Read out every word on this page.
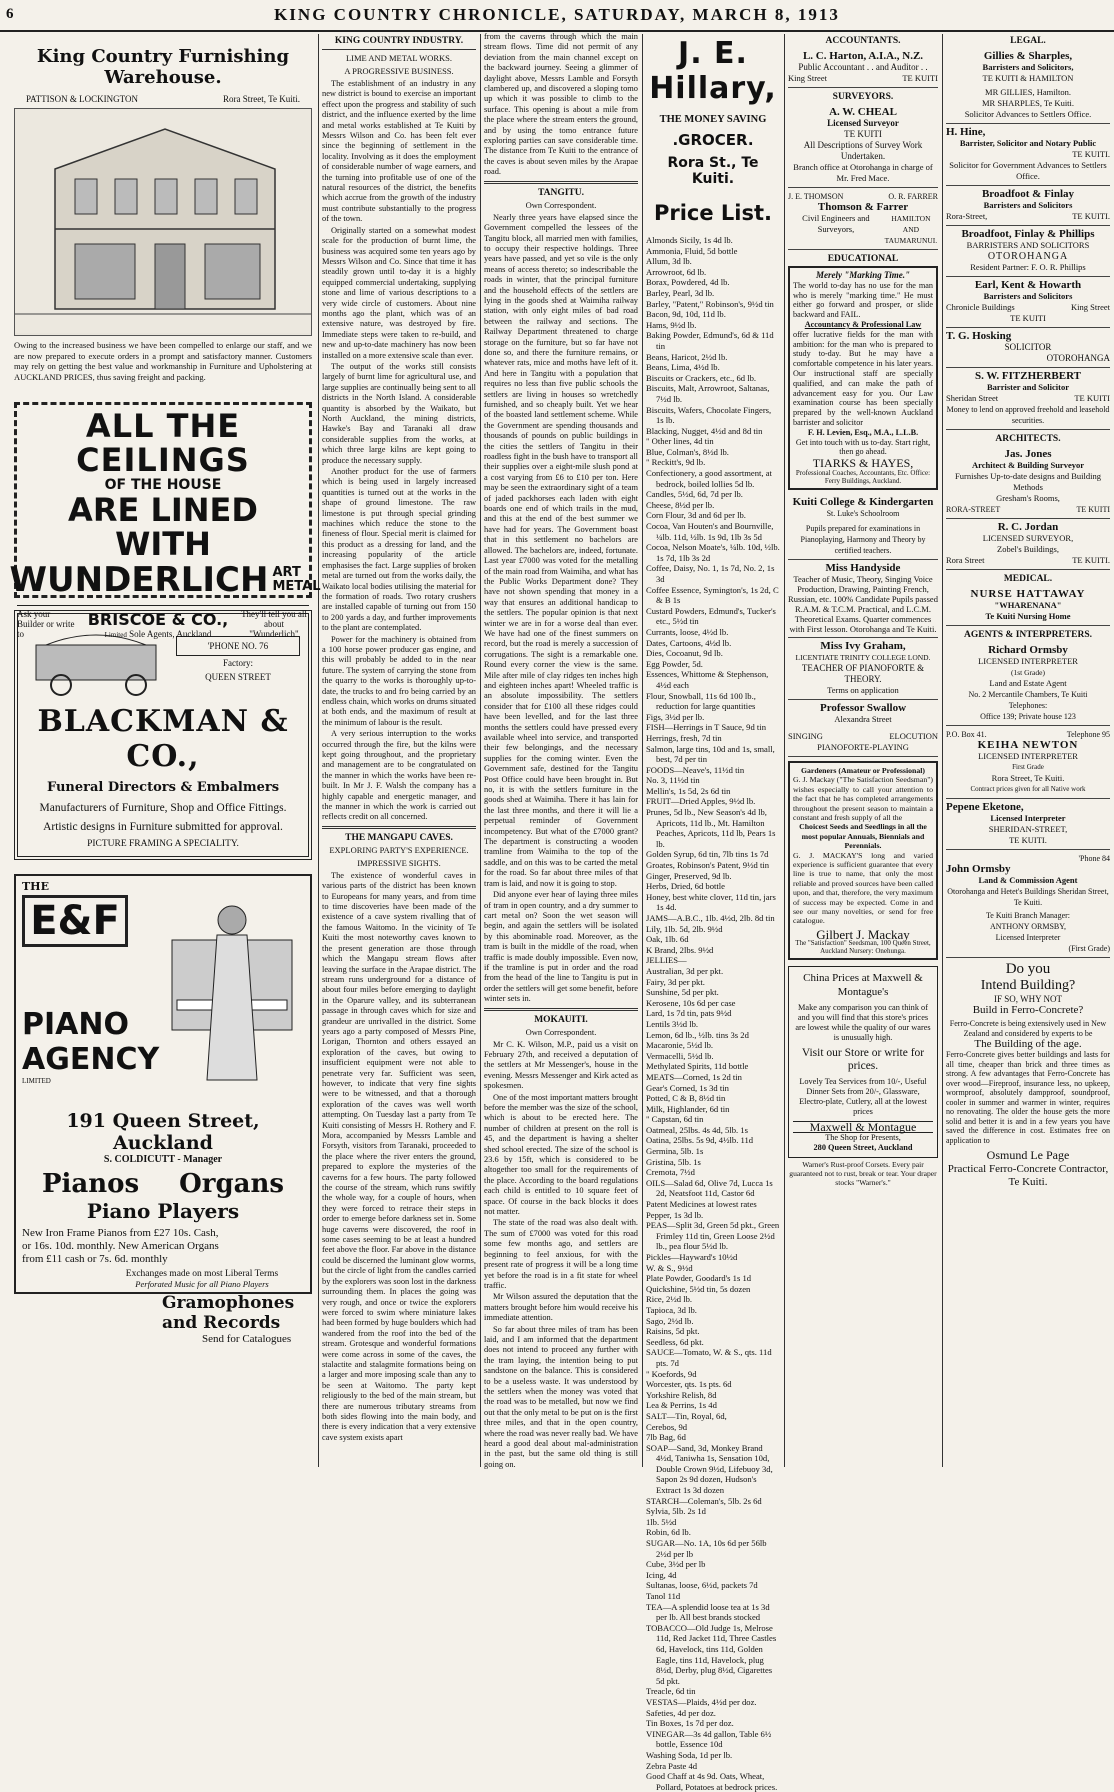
6	KING COUNTRY CHRONICLE, SATURDAY, MARCH 8, 1913
King Country Furnishing Warehouse.
PATTISON & LOCKINGTON	Rora Street, Te Kuiti.
Owing to the increased business we have been compelled to enlarge our staff, and we are now prepared to execute orders in a prompt and satisfactory manner. Customers may rely on getting the best value and workmanship in Furniture and Upholstering at AUCKLAND PRICES, thus saving freight and packing.
ALL THE CEILINGS
OF THE HOUSE
ARE LINED WITH
WUNDERLICH ART METAL
Ask your Builder or write to
BRISCOE & CO.,
Limited Sole Agents, Auckland
They'll tell you all about "Wunderlich"
'PHONE NO. 76
Factory:
QUEEN STREET
BLACKMAN & CO.,
Funeral Directors & Embalmers
Manufacturers of Furniture, Shop and Office Fittings.
Artistic designs in Furniture submitted for approval.
PICTURE FRAMING A SPECIALITY.
THE
E&F
PIANO
AGENCY
LIMITED
191 Queen Street, Auckland
S. COLDICUTT - Manager
Pianos Organs
Piano Players
New Iron Frame Pianos from £27 10s. Cash, or 16s. 10d. monthly. New American Organs from £11 cash or 7s. 6d. monthly
Exchanges made on most Liberal Terms
Perforated Music for all Piano Players
Gramophones and Records
Send for Catalogues
KING COUNTRY INDUSTRY.
LIME AND METAL WORKS.
A PROGRESSIVE BUSINESS.

The establishment of an industry in any new district is bound to exercise an important effect upon the progress and stability of such district, and the influence exerted by the lime and metal works established at Te Kuiti by Messrs Wilson and Co. has been felt ever since the beginning of settlement in the locality. Involving as it does the employment of considerable number of wage earners, and the turning into profitable use of one of the natural resources of the district, the benefits which accrue from the growth of the industry must contribute substantially to the progress of the town.

Originally started on a somewhat modest scale for the production of burnt lime, the business was acquired some ten years ago by Messrs Wilson and Co. Since that time it has steadily grown until to-day it is a highly equipped commercial undertaking, supplying stone and lime of various descriptions to a very wide circle of customers. About nine months ago the plant, which was of an extensive nature, was destroyed by fire. Immediate steps were taken to re-build, and new and up-to-date machinery has now been installed on a more extensive scale than ever.

The output of the works still consists largely of burnt lime for agricultural use, and large supplies are continually being sent to all districts in the North Island. A considerable quantity is absorbed by the Waikato, but North Auckland, the mining districts, Hawke's Bay and Taranaki all draw considerable supplies from the works, at which three large kilns are kept going to produce the necessary supply.

Another product for the use of farmers which is being used in largely increased quantities is turned out at the works in the shape of ground limestone. The raw limestone is put through special grinding machines which reduce the stone to the fineness of flour. Special merit is claimed for this product as a dressing for land, and the increasing popularity of the article emphasises the fact. Large supplies of broken metal are turned out from the works daily, the Waikato local bodies utilising the material for the formation of roads. Two rotary crushers are installed capable of turning out from 150 to 200 yards a day, and further improvements to the plant are contemplated.

Power for the machinery is obtained from a 100 horse power producer gas engine, and this will probably be added to in the near future. The system of carrying the stone from the quarry to the works is thoroughly up-to-date, the trucks to and fro being carried by an endless chain, which works on drums situated at both ends, and the maximum of result at the minimum of labour is the result.

A very serious interruption to the works occurred through the fire, but the kilns were kept going throughout, and the proprietary and management are to be congratulated on the manner in which the works have been re-built. In Mr J. F. Walsh the company has a highly capable and energetic manager, and the manner in which the work is carried out reflects credit on all concerned.

THE MANGAPU CAVES.
EXPLORING PARTY'S EXPERIENCE.
IMPRESSIVE SIGHTS.

The existence of wonderful caves in various parts of the district has been known to Europeans for many years, and from time to time discoveries have been made of the existence of a cave system rivalling that of the famous Waitomo. In the vicinity of Te Kuiti the most noteworthy caves known to the present generation are those through which the Mangapu stream flows after leaving the surface in the Arapae district. The stream runs underground for a distance of about four miles before emerging to daylight in the Oparure valley, and its subterranean passage in through caves which for size and grandeur are unrivalled in the district. Some years ago a party composed of Messrs Pine, Lorigan, Thornton and others essayed an exploration of the caves, but owing to insufficient equipment were not able to penetrate very far. Sufficient was seen, however, to indicate that very fine sights were to be witnessed, and that a thorough exploration of the caves was well worth attempting. On Tuesday last a party from Te Kuiti consisting of Messrs H. Rothery and F. Mora, accompanied by Messrs Lamble and Forsyth, visitors from Taranaki, proceeded to the place where the river enters the ground, prepared to explore the mysteries of the caverns for a few hours. The party followed the course of the stream, which runs swiftly the whole way, for a couple of hours, when they were forced to retrace their steps in order to emerge before darkness set in. Some huge caverns were discovered, the roof in some cases seeming to be at least a hundred feet above the floor. Far above in the distance could be discerned the luminant glow worms, but the circle of light from the candles carried by the explorers was soon lost in the darkness surrounding them. In places the going was very rough, and once or twice the explorers were forced to swim where miniature lakes had been formed by huge boulders which had wandered from the roof into the bed of the stream. Grotesque and wonderful formations were come across in some of the caves, the stalactite and stalagmite formations being on a larger and more imposing scale than any to be seen at Waitomo. The party kept religiously to the bed of the main stream, but there are numerous tributary streams from both sides flowing into the main body, and there is every indication that a very extensive cave system exists apart

from the caverns through which the main stream flows. Time did not permit of any deviation from the main channel except on the backward journey. Seeing a glimmer of daylight above, Messrs Lamble and Forsyth clambered up, and discovered a sloping tomo up which it was possible to climb to the surface. This opening is about a mile from the place where the stream enters the ground, and by using the tomo entrance future exploring parties can save considerable time. The distance from Te Kuiti to the entrance of the caves is about seven miles by the Arapae road.

TANGITU.
Own Correspondent.

Nearly three years have elapsed since the Government compelled the lessees of the Tangitu block, all married men with families, to occupy their respective holdings. Three years have passed, and yet so vile is the only means of access thereto; so indescribable the roads in winter, that the principal furniture and the household effects of the settlers are lying in the goods shed at Waimiha railway station, with only eight miles of bad road between the railway and sections. The Railway Department threatened to charge storage on the furniture, but so far have not done so, and there the furniture remains, or whatever rats, mice and moths have left of it. And here in Tangitu with a population that requires no less than five public schools the settlers are living in houses so wretchedly furnished, and so cheaply built. Yet we hear of the boasted land settlement scheme. While the Government are spending thousands and thousands of pounds on public buildings in the cities the settlers of Tangitu in their roadless fight in the bush have to transport all their supplies over a eight-mile slush pond at a cost varying from £6 to £10 per ton. Here may be seen the extraordinary sight of a team of jaded packhorses each laden with eight boards one end of which trails in the mud, and this at the end of the best summer we have had for years. The Government boast that in this settlement no bachelors are allowed. The bachelors are, indeed, fortunate. Last year £7000 was voted for the metalling of the main road from Waimiha, and what has the Public Works Department done? They have not shown spending that money in a way that ensures an additional handicap to the settlers. The popular opinion is that next winter we are in for a worse deal than ever. We have had one of the finest summers on record, but the road is merely a succession of corrugations. The sight is a remarkable one. Round every corner the view is the same. Mile after mile of clay ridges ten inches high and eighteen inches apart! Wheeled traffic is an absolute impossibility. The settlers consider that for £100 all these ridges could have been levelled, and for the last three months the settlers could have pressed every available wheel into service, and transported their few belongings, and the necessary supplies for the coming winter. Even the Government safe, destined for the Tangitu Post Office could have been brought in. But no, it is with the settlers furniture in the goods shed at Waimiha. There it has lain for the last three months, and there it will lie a perpetual reminder of Government incompetency. But what of the £7000 grant? The department is constructing a wooden tramline from Waimiha to the top of the saddle, and on this was to be carted the metal for the road. So far about three miles of that tram is laid, and now it is going to stop.

Did anyone ever hear of laying three miles of tram in open country, and a dry summer to cart metal on? Soon the wet season will begin, and again the settlers will be isolated by this abominable road. Moreover, as the tram is built in the middle of the road, when traffic is made doubly impossible. Even now, if the tramline is put in order and the road from the head of the line to Tangitu is put in order the settlers will get some benefit, before winter sets in.

MOKAUITI.
Own Correspondent.

Mr C. K. Wilson, M.P., paid us a visit on February 27th, and received a deputation of the settlers at Mr Messenger's, house in the evening. Messrs Messenger and Kirk acted as spokesmen.

One of the most important matters brought before the member was the size of the school, which is about to be erected here. The number of children at present on the roll is 45, and the department is having a shelter shed school erected. The size of the school is 23.6 by 15ft, which is considered to be altogether too small for the requirements of the place. According to the board regulations each child is entitled to 10 square feet of space. Of course in the back blocks it does not matter.

The state of the road was also dealt with. The sum of £7000 was voted for this road some few months ago, and settlers are beginning to feel anxious, for with the present rate of progress it will be a long time yet before the road is in a fit state for wheel traffic.

Mr Wilson assured the deputation that the matters brought before him would receive his immediate attention.

So far about three miles of tram has been laid, and I am informed that the department does not intend to proceed any further with the tram laying, the intention being to put sandstone on the balance. This is considered to be a useless waste. It was understood by the settlers when the money was voted that the road was to be metalled, but now we find out that the only metal to be put on is the first three miles, and that in the open country, where the road was never really bad. We have heard a good deal about mal-administration in the past, but the same old thing is still going on.

J. E. Hillary,
THE MONEY SAVING
.GROCER.
Rora St., Te Kuiti.
Price List.
Almonds Sicily, 1s 4d lb.
Ammonia, Fluid, 5d bottle
Allum, 3d lb.
Arrowroot, 6d lb.
Borax, Powdered, 4d lb.
Barley, Pearl, 3d lb.
Barley, "Patent," Robinson's, 9½d tin
Bacon, 9d, 10d, 11d lb.
Hams, 9½d lb.
Baking Powder, Edmund's, 6d & 11d tin
Beans, Haricot, 2½d lb.
Beans, Lima, 4½d lb.
Biscuits or Crackers, etc., 6d lb.
Biscuits, Malt, Arrowroot, Saltanas, 7½d lb.
Biscuits, Wafers, Chocolate Fingers, 1s lb.
Blacking, Nugget, 4½d and 8d tin
" Other lines, 4d tin
Blue, Colman's, 8½d lb.
" Reckitt's, 9d lb.
Confectionery, a good assortment, at bedrock, boiled lollies 5d lb.
Candles, 5½d, 6d, 7d per lb.
Cheese, 8½d per lb.
Corn Flour, 3d and 6d per lb.
Cocoa, Van Houten's and Bournville, ¼lb. 11d, ½lb. 1s 9d, 1lb 3s 5d
Cocoa, Nelson Moate's, ¼lb. 10d, ½lb. 1s 7d, 1lb 3s 2d
Coffee, Daisy, No. 1, 1s 7d, No. 2, 1s 3d
Coffee Essence, Symington's, 1s 2d, C & B 1s
Custard Powders, Edmund's, Tucker's etc., 5½d tin
Currants, loose, 4½d lb.
Dates, Cartoons, 4½d lb.
Dies, Cocoanut, 9d lb.
Egg Powder, 5d.
Essences, Whittome & Stephenson, 4½d each
Flour, Snowball, 11s 6d 100 lb., reduction for large quantities
Figs, 3½d per lb.
FISH—Herrings in T Sauce, 9d tin
Herrings, fresh, 7d tin
Salmon, large tins, 10d and 1s, small, best, 7d per tin
FOODS—Neave's, 11½d tin
No. 3, 11½d tin
Mellin's, 1s 5d, 2s 6d tin
FRUIT—Dried Apples, 9½d lb.
Prunes, 5d lb., New Season's 4d lb, Apricots, 11d lb., Mt. Hamilton Peaches, Apricots, 11d lb, Pears 1s lb.
Golden Syrup, 6d tin, 7lb tins 1s 7d
Groates, Robinson's Patent, 9½d tin
Ginger, Preserved, 9d lb.
Herbs, Dried, 6d bottle
Honey, best white clover, 11d tin, jars 1s 4d.
JAMS—A.B.C., 1lb. 4½d, 2lb. 8d tin
Lily, 1lb. 5d, 2lb. 9½d
Oak, 1lb. 6d
K Brand, 2lbs. 9½d
JELLIES—
Australian, 3d per pkt.
Fairy, 3d per pkt.
Sunshine, 5d per pkt.
Kerosene, 10s 6d per case
Lard, 1s 7d tin, pats 9½d
Lentils 3½d lb.
Lemon, 6d lb., ½lb. tins 3s 2d
Macaronie, 5½d lb.
Vermacelli, 5½d lb.
Methylated Spirits, 11d bottle
MEATS—Corned, 1s 2d tin
Gear's Corned, 1s 3d tin
Potted, C & B, 8½d tin
Milk, Highlander, 6d tin
" Capstan, 6d tin
Oatmeal, 25lbs. 4s 4d, 5lb. 1s
Oatina, 25lbs. 5s 9d, 4½lb. 11d
Germina, 5lb. 1s
Gristina, 5lb. 1s
Cremota, 7½d
OILS—Salad 6d, Olive 7d, Lucca 1s 2d, Neatsfoot 11d, Castor 6d
Patent Medicines at lowest rates
Pepper, 1s 3d lb.
PEAS—Split 3d, Green 5d pkt., Green Frimley 11d tin, Green Loose 2½d lb., pea flour 5½d lb.
Pickles—Hayward's 10½d
W. & S., 9½d
Plate Powder, Goodard's 1s 1d
Quickshine, 5½d tin, 5s dozen
Rice, 2½d lb.
Tapioca, 3d lb.
Sago, 2½d lb.
Raisins, 5d pkt.
Seedless, 6d pkt.
SAUCE—Tomato, W. & S., qts. 11d pts. 7d
" Koefords, 9d
Worcester, qts. 1s pts. 6d
Yorkshire Relish, 8d
Lea & Perrins, 1s 4d
SALT—Tin, Royal, 6d,
Cerebos, 9d
7lb Bag, 6d
SOAP—Sand, 3d, Monkey Brand 4½d, Taniwha 1s, Sensation 10d, Double Crown 9½d, Lifebuoy 3d, Sapon 2s 9d dozen, Hudson's Extract 1s 3d dozen
STARCH—Coleman's, 5lb. 2s 6d
Sylvia, 5lb. 2s 1d
1lb. 5½d
Robin, 6d lb.
SUGAR—No. 1A, 10s 6d per 56lb 2½d per lb
Cube, 3½d per lb
Icing, 4d
Sultanas, loose, 6½d, packets 7d
Tanol 11d
TEA—A splendid loose tea at 1s 3d per lb. All best brands stocked
TOBACCO—Old Judge 1s, Melrose 11d, Red Jacket 11d, Three Castles 6d, Havelock, tins 11d, Golden Eagle, tins 11d, Havelock, plug 8½d, Derby, plug 8½d, Cigarettes 5d pkt.
Treacle, 6d tin
VESTAS—Plaids, 4½d per doz.
Safeties, 4d per doz.
Tin Boxes, 1s 7d per doz.
VINEGAR—3s 4d gallon, Table 6½ bottle, Essence 10d
Washing Soda, 1d per lb.
Zebra Paste 4d
Good Chaff at 4s 9d. Oats, Wheat, Pollard, Potatoes at bedrock prices.
ACCOUNTANTS.
L. C. Harton, A.I.A., N.Z.
Public Accountant . . and Auditor . .
King Street	TE KUITI
SURVEYORS.
A. W. CHEAL
Licensed Surveyor
TE KUITI
All Descriptions of Survey Work Undertaken.
Branch office at Otorohanga in charge of Mr. Fred Mace.
J. E. THOMSON	O. R. FARRER
Thomson & Farrer
Civil Engineers and Surveyors,
HAMILTON AND TAUMARUNUI.
EDUCATIONAL
Merely "Marking Time."
The world to-day has no use for the man who is merely "marking time." He must either go forward and prosper, or slide backward and FAIL.
Accountancy & Professional Law
offer lucrative fields for the man with ambition: for the man who is prepared to study to-day. But he may have a comfortable competence in his later years. Our instructional staff are specially qualified, and can make the path of advancement easy for you. Our Law examination course has been specially prepared by the well-known Auckland barrister and solicitor
F. H. Levien, Esq., M.A., L.L.B.
Get into touch with us to-day. Start right, then go ahead.
TIARKS & HAYES,
Professional Coaches, Accountants, Etc. Office: Ferry Buildings, Auckland.
Kuiti College & Kindergarten
St. Luke's Schoolroom
Pupils prepared for examinations in Pianoplaying, Harmony and Theory by certified teachers.
Miss Handyside
Teacher of Music, Theory, Singing Voice Production, Drawing, Painting French, Russian, etc. 100% Candidate Pupils passed R.A.M. & T.C.M. Practical, and L.C.M. Theoretical Exams. Quarter commences with First lesson. Otorohanga and Te Kuiti.
Miss Ivy Graham,
LICENTIATE TRINITY COLLEGE LOND.
TEACHER OF PIANOFORTE & THEORY.
Terms on application
Professor Swallow
Alexandra Street
SINGING	ELOCUTION
PIANOFORTE-PLAYING
Gardeners (Amateur or Professional)
G. J. Mackay ("The Satisfaction Seedsman") wishes especially to call your attention to the fact that he has completed arrangements throughout the present season to maintain a constant and fresh supply of all the
Choicest Seeds and Seedlings in all the most popular Annuals, Biennials and Perennials.
G. J. MACKAY'S long and varied experience is sufficient guarantee that every line is true to name, that only the most reliable and proved sources have been called upon, and that, therefore, the very maximum of success may be expected. Come in and see our many novelties, or send for free catalogue.
Gilbert J. Mackay
The "Satisfaction" Seedsman, 100 Queen Street, Auckland Nursery: Onehunga.
China Prices at Maxwell & Montague's
Make any comparison you can think of and you will find that this store's prices are lowest while the quality of our wares is unusually high.
Visit our Store or write for prices.
Lovely Tea Services from 10/-, Useful Dinner Sets from 20/-, Glassware, Electro-plate, Cutlery, all at the lowest prices
Maxwell & Montague
The Shop for Presents,
280 Queen Street, Auckland
Warner's Rust-proof Corsets. Every pair guaranteed not to rust, break or tear. Your draper stocks "Warner's."
LEGAL.
Gillies & Sharples,
Barristers and Solicitors,
TE KUITI & HAMILTON
MR GILLIES, Hamilton.
MR SHARPLES, Te Kuiti.
Solicitor Advances to Settlers Office.
H. Hine,
Barrister, Solicitor and Notary Public
TE KUITI.
Solicitor for Government Advances to Settlers Office.
Broadfoot & Finlay
Barristers and Solicitors
Rora-Street,	TE KUITI.
Broadfoot, Finlay & Phillips
BARRISTERS AND SOLICITORS
OTOROHANGA
Resident Partner: F. O. R. Phillips
Earl, Kent & Howarth
Barristers and Solicitors
Chronicle Buildings	King Street
TE KUITI
T. G. Hosking
SOLICITOR
OTOROHANGA
S. W. FITZHERBERT
Barrister and Solicitor
Sheridan Street	TE KUITI
Money to lend on approved freehold and leasehold securities.
ARCHITECTS.
Jas. Jones
Architect & Building Surveyor
Furnishes Up-to-date designs and Building Methods
Gresham's Rooms,
RORA-STREET	TE KUITI
R. C. Jordan
LICENSED SURVEYOR,
Zobel's Buildings,
Rora Street	TE KUITI.
MEDICAL.
NURSE HATTAWAY
"WHARENANA"
Te Kuiti Nursing Home
AGENTS & INTERPRETERS.
Richard Ormsby
LICENSED INTERPRETER
(1st Grade)
Land and Estate Agent
No. 2 Mercantile Chambers, Te Kuiti
Telephones:
Office 139; Private house 123
P.O. Box 41.	Telephone 95
KEIHA NEWTON
LICENSED INTERPRETER
First Grade
Rora Street, Te Kuiti.
Contract prices given for all Native work
Pepene Eketone,
Licensed Interpreter
SHERIDAN-STREET,
TE KUITI.
'Phone 84
John Ormsby
Land & Commission Agent
Otorohanga and Hetet's Buildings Sheridan Street, Te Kuiti.
Te Kuiti Branch Manager:
ANTHONY ORMSBY,
Licensed Interpreter
(First Grade)
Do you
Intend Building?
IF SO, WHY NOT
Build in Ferro-Concrete?
Ferro-Concrete is being extensively used in New Zealand and considered by experts to be
The Building of the age.
Ferro-Concrete gives better buildings and lasts for all time, cheaper than brick and three times as strong. A few advantages that Ferro-Concrete has over wood—Fireproof, insurance less, no upkeep, wormproof, absolutely dampproof, soundproof, cooler in summer and warmer in winter, requires no renovating. The older the house gets the more solid and better it is and in a few years you have saved the difference in cost. Estimates free on application to
Osmund Le Page
Practical Ferro-Concrete Contractor, Te Kuiti.
